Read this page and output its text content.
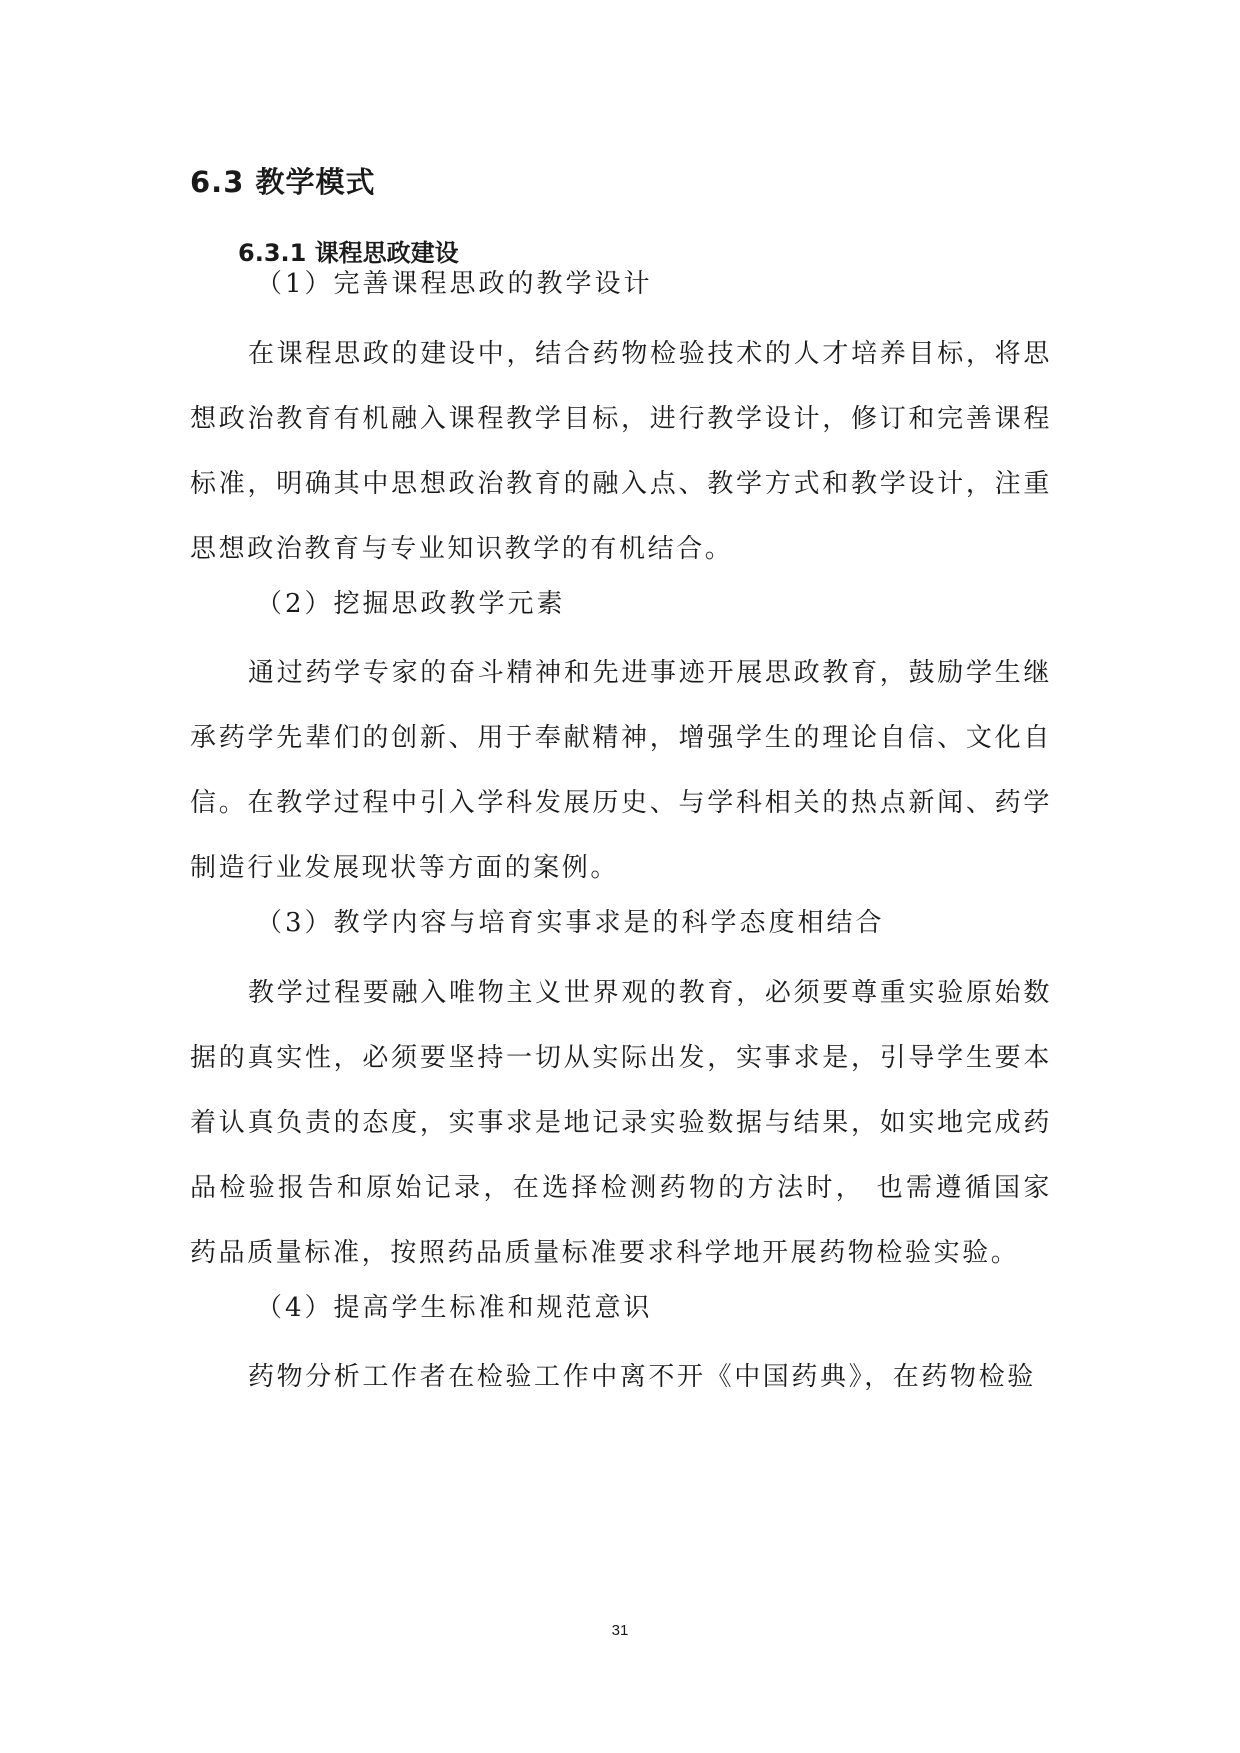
6.3 教学模式
6.3.1 课程思政建设
（1）完善课程思政的教学设计

在课程思政的建设中，结合药物检验技术的人才培养目标，将思想政治教育有机融入课程教学目标，进行教学设计，修订和完善课程标准，明确其中思想政治教育的融入点、教学方式和教学设计，注重思想政治教育与专业知识教学的有机结合。

（2）挖掘思政教学元素

通过药学专家的奋斗精神和先进事迹开展思政教育，鼓励学生继承药学先辈们的创新、用于奉献精神，增强学生的理论自信、文化自信。在教学过程中引入学科发展历史、与学科相关的热点新闻、药学制造行业发展现状等方面的案例。

（3）教学内容与培育实事求是的科学态度相结合

教学过程要融入唯物主义世界观的教育，必须要尊重实验原始数据的真实性，必须要坚持一切从实际出发，实事求是，引导学生要本着认真负责的态度，实事求是地记录实验数据与结果，如实地完成药品检验报告和原始记录，在选择检测药物的方法时， 也需遵循国家药品质量标准，按照药品质量标准要求科学地开展药物检验实验。

（4）提高学生标准和规范意识

药物分析工作者在检验工作中离不开《中国药典》，在药物检验

31
